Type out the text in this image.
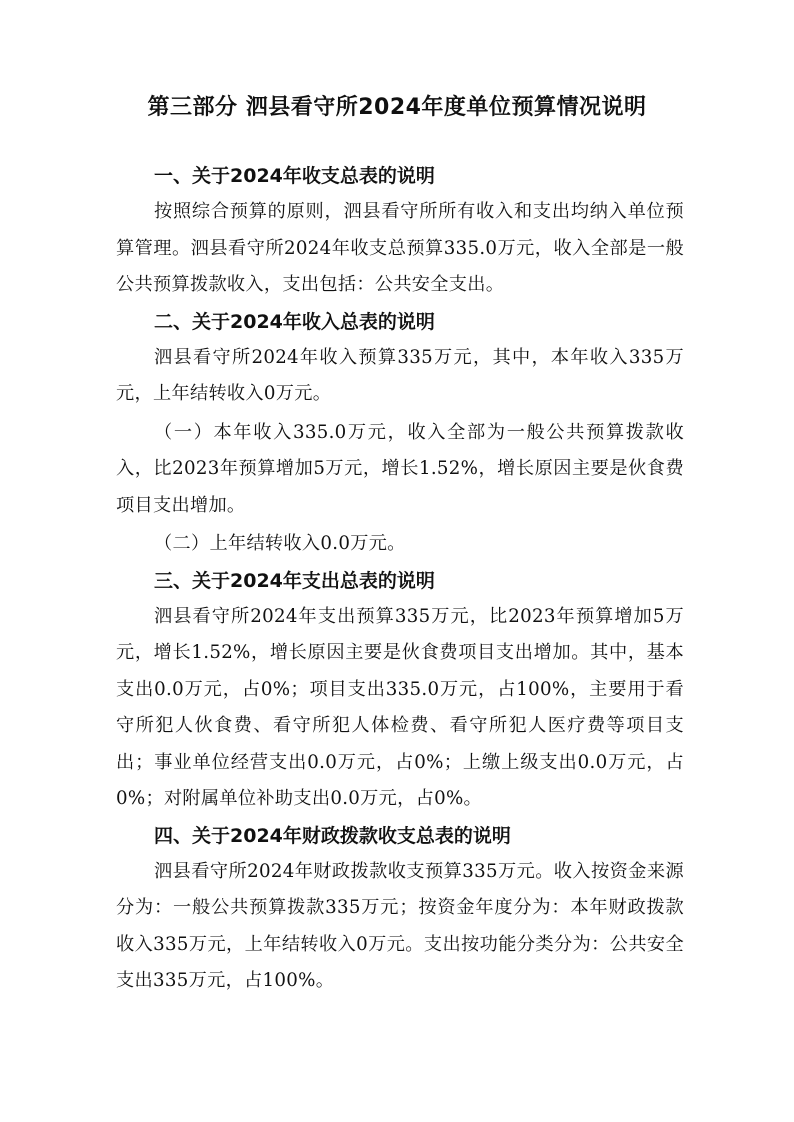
第三部分 泗县看守所2024年度单位预算情况说明
一、关于2024年收支总表的说明

按照综合预算的原则，泗县看守所所有收入和支出均纳入单位预算管理。泗县看守所2024年收支总预算335.0万元，收入全部是一般公共预算拨款收入，支出包括：公共安全支出。

二、关于2024年收入总表的说明

泗县看守所2024年收入预算335万元，其中，本年收入335万元，上年结转收入0万元。

（一）本年收入335.0万元，收入全部为一般公共预算拨款收入，比2023年预算增加5万元，增长1.52%，增长原因主要是伙食费项目支出增加。

（二）上年结转收入0.0万元。

三、关于2024年支出总表的说明

泗县看守所2024年支出预算335万元，比2023年预算增加5万元，增长1.52%，增长原因主要是伙食费项目支出增加。其中，基本支出0.0万元，占0%；项目支出335.0万元，占100%，主要用于看守所犯人伙食费、看守所犯人体检费、看守所犯人医疗费等项目支出；事业单位经营支出0.0万元，占0%；上缴上级支出0.0万元，占0%；对附属单位补助支出0.0万元，占0%。

四、关于2024年财政拨款收支总表的说明

泗县看守所2024年财政拨款收支预算335万元。收入按资金来源分为：一般公共预算拨款335万元；按资金年度分为：本年财政拨款收入335万元，上年结转收入0万元。支出按功能分类分为：公共安全支出335万元，占100%。
